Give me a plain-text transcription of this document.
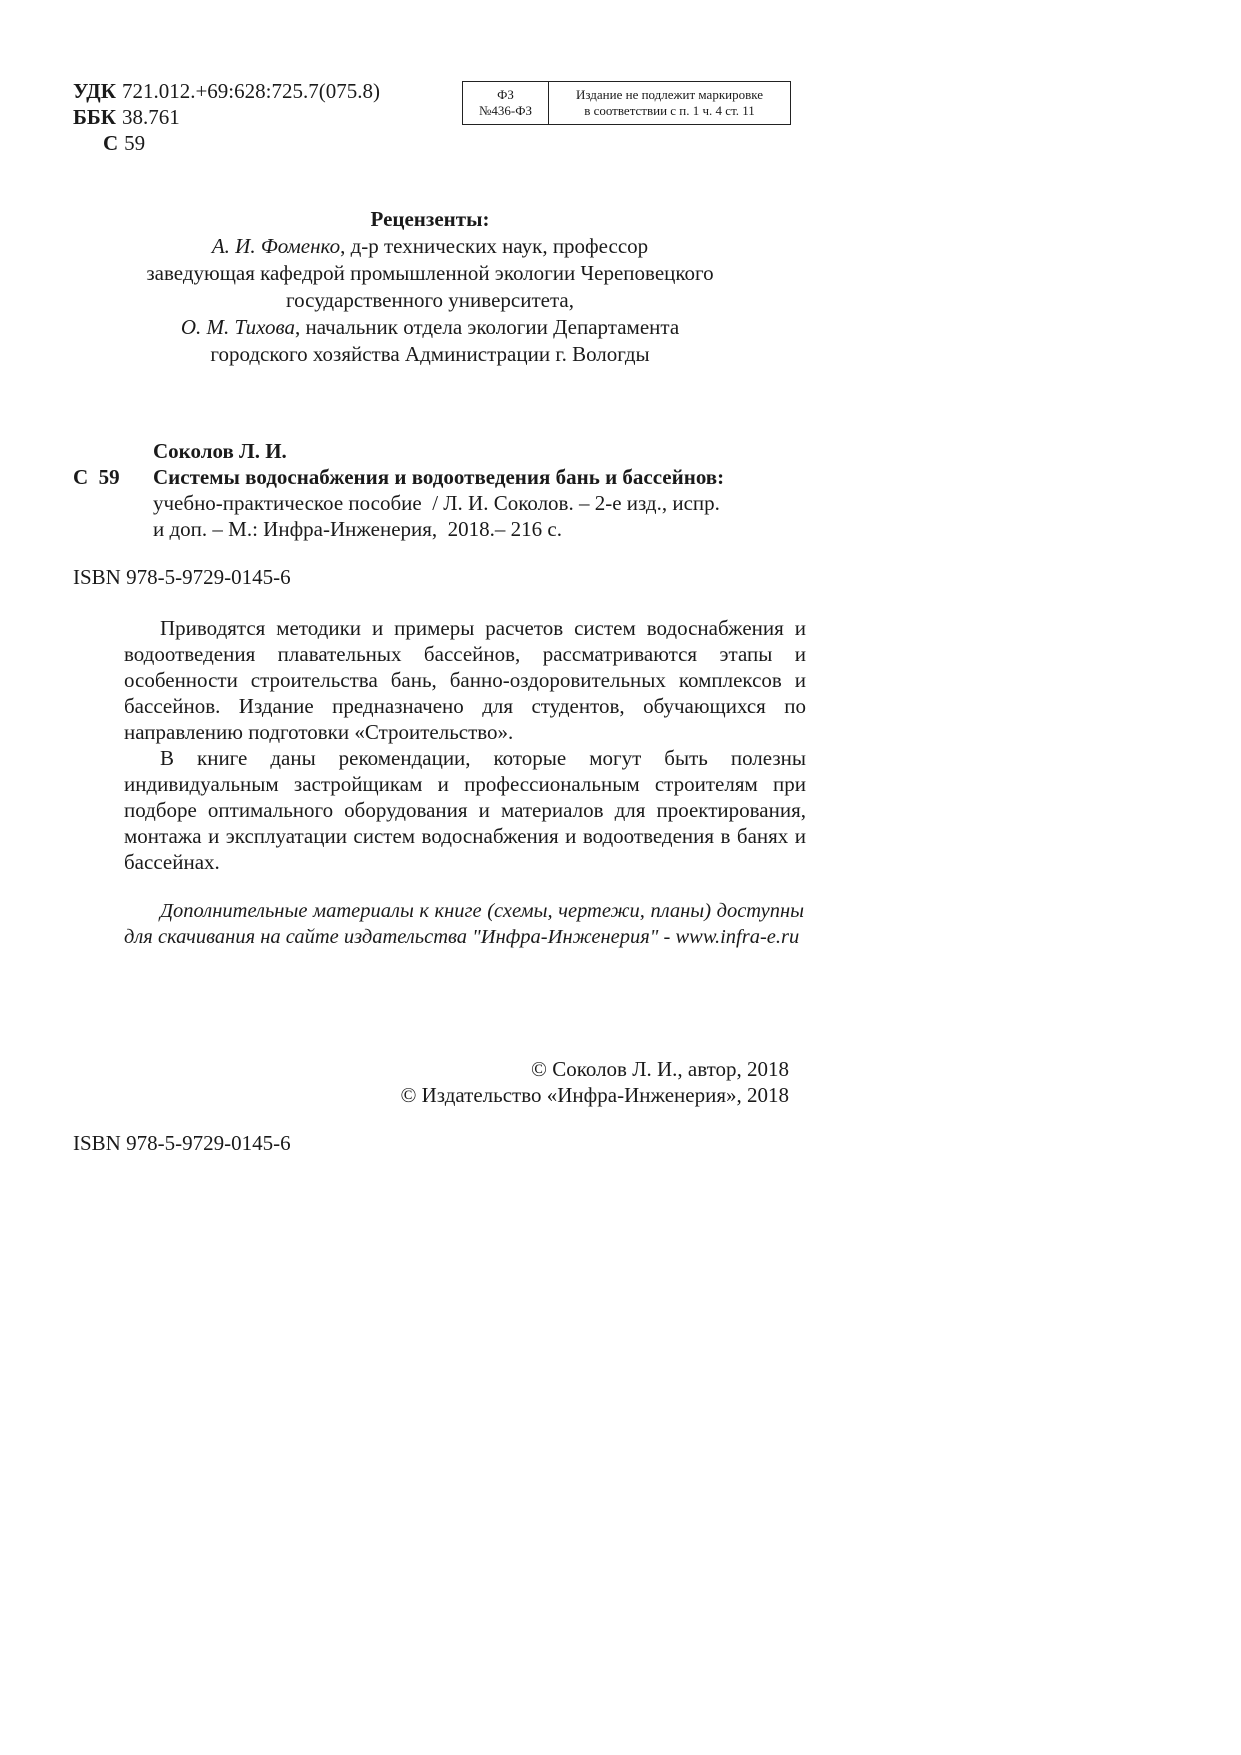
УДК 721.012.+69:628:725.7(075.8)
ББК 38.761
С 59
ФЗ
№436-ФЗ
Издание не подлежит маркировке
в соответствии с п. 1 ч. 4 ст. 11
Рецензенты:
А. И. Фоменко, д-р технических наук, профессор
заведующая кафедрой промышленной экологии Череповецкого
государственного университета,
О. М. Тихова, начальник отдела экологии Департамента
городского хозяйства Администрации г. Вологды
Соколов Л. И.
С  59 Системы водоснабжения и водоотведения бань и бассейнов:
учебно-практическое пособие  / Л. И. Соколов. – 2-е изд., испр.
и доп. – М.: Инфра-Инженерия,  2018.– 216 с.
ISBN 978-5-9729-0145-6

Приводятся методики и примеры расчетов систем водоснабжения и водоотведения плавательных бассейнов, рассматриваются этапы и особенности строительства бань, банно-оздоровительных комплексов и бассейнов. Издание предназначено для студентов, обучающихся по направлению подготовки «Строительство».

В книге даны рекомендации, которые могут быть полезны индивидуальным застройщикам и профессиональным строителям при подборе оптимального оборудования и материалов для проектирования, монтажа и эксплуатации систем водоснабжения и водоотведения в банях и бассейнах.

Дополнительные материалы к книге (схемы, чертежи, планы) доступны для скачивания на сайте издательства "Инфра-Инженерия" - www.infra-e.ru

© Соколов Л. И., автор, 2018
© Издательство «Инфра-Инженерия», 2018
ISBN 978-5-9729-0145-6
